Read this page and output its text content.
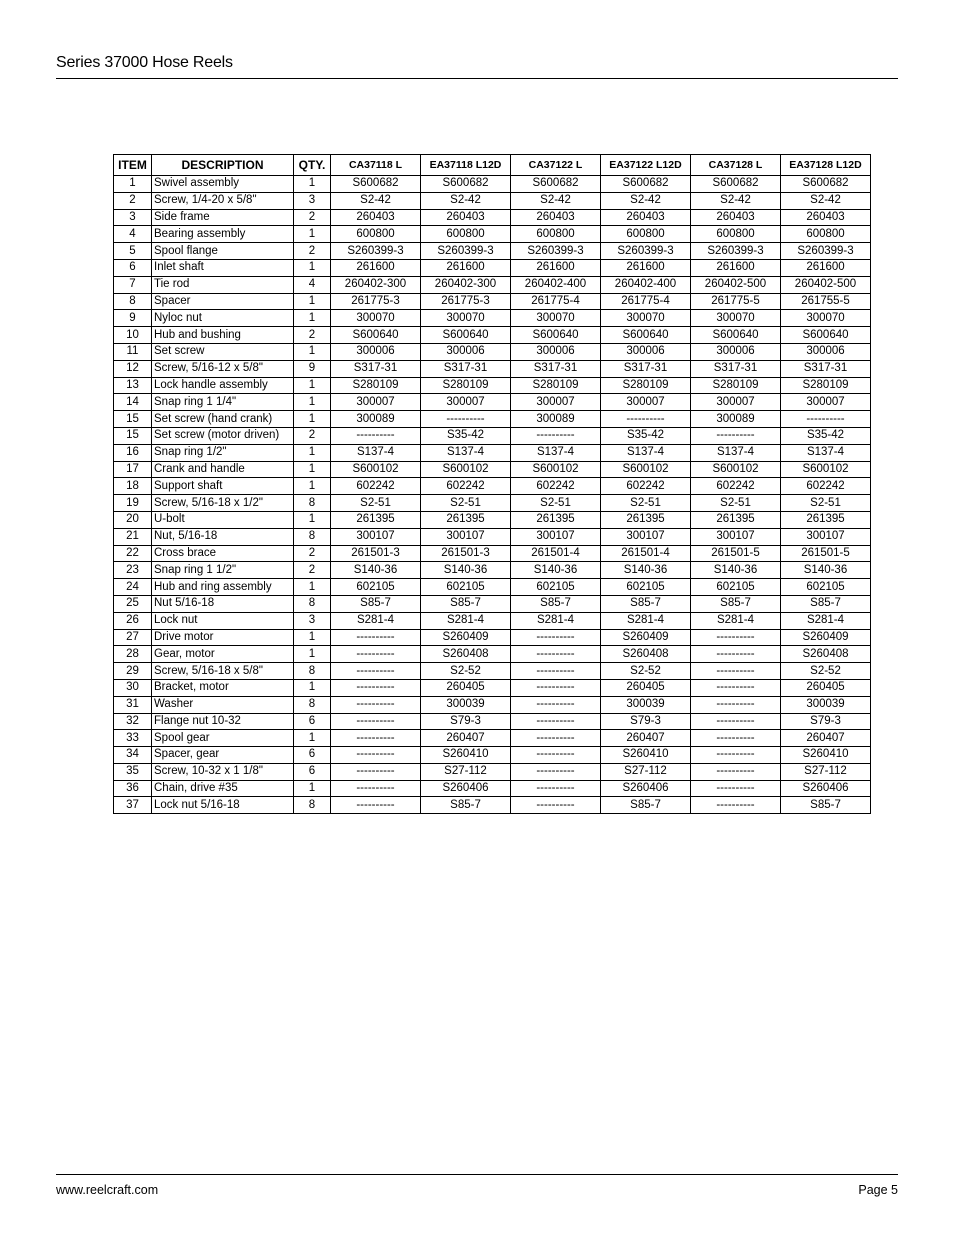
Series 37000 Hose Reels
ITEM	DESCRIPTION	QTY.	CA37118 L	EA37118 L12D	CA37122 L	EA37122 L12D	CA37128 L	EA37128 L12D
1	Swivel assembly	1	S600682	S600682	S600682	S600682	S600682	S600682
2	Screw, 1/4-20 x 5/8"	3	S2-42	S2-42	S2-42	S2-42	S2-42	S2-42
3	Side frame	2	260403	260403	260403	260403	260403	260403
4	Bearing assembly	1	600800	600800	600800	600800	600800	600800
5	Spool flange	2	S260399-3	S260399-3	S260399-3	S260399-3	S260399-3	S260399-3
6	Inlet shaft	1	261600	261600	261600	261600	261600	261600
7	Tie rod	4	260402-300	260402-300	260402-400	260402-400	260402-500	260402-500
8	Spacer	1	261775-3	261775-3	261775-4	261775-4	261775-5	261755-5
9	Nyloc nut	1	300070	300070	300070	300070	300070	300070
10	Hub and bushing	2	S600640	S600640	S600640	S600640	S600640	S600640
11	Set screw	1	300006	300006	300006	300006	300006	300006
12	Screw, 5/16-12 x 5/8"	9	S317-31	S317-31	S317-31	S317-31	S317-31	S317-31
13	Lock handle assembly	1	S280109	S280109	S280109	S280109	S280109	S280109
14	Snap ring 1 1/4"	1	300007	300007	300007	300007	300007	300007
15	Set screw (hand crank)	1	300089	----------	300089	----------	300089	----------
15	Set screw (motor driven)	2	----------	S35-42	----------	S35-42	----------	S35-42
16	Snap ring 1/2"	1	S137-4	S137-4	S137-4	S137-4	S137-4	S137-4
17	Crank and handle	1	S600102	S600102	S600102	S600102	S600102	S600102
18	Support shaft	1	602242	602242	602242	602242	602242	602242
19	Screw, 5/16-18 x 1/2"	8	S2-51	S2-51	S2-51	S2-51	S2-51	S2-51
20	U-bolt	1	261395	261395	261395	261395	261395	261395
21	Nut, 5/16-18	8	300107	300107	300107	300107	300107	300107
22	Cross brace	2	261501-3	261501-3	261501-4	261501-4	261501-5	261501-5
23	Snap ring 1 1/2"	2	S140-36	S140-36	S140-36	S140-36	S140-36	S140-36
24	Hub and ring assembly	1	602105	602105	602105	602105	602105	602105
25	Nut 5/16-18	8	S85-7	S85-7	S85-7	S85-7	S85-7	S85-7
26	Lock nut	3	S281-4	S281-4	S281-4	S281-4	S281-4	S281-4
27	Drive motor	1	----------	S260409	----------	S260409	----------	S260409
28	Gear, motor	1	----------	S260408	----------	S260408	----------	S260408
29	Screw, 5/16-18 x 5/8"	8	----------	S2-52	----------	S2-52	----------	S2-52
30	Bracket, motor	1	----------	260405	----------	260405	----------	260405
31	Washer	8	----------	300039	----------	300039	----------	300039
32	Flange nut 10-32	6	----------	S79-3	----------	S79-3	----------	S79-3
33	Spool gear	1	----------	260407	----------	260407	----------	260407
34	Spacer, gear	6	----------	S260410	----------	S260410	----------	S260410
35	Screw, 10-32 x 1 1/8"	6	----------	S27-112	----------	S27-112	----------	S27-112
36	Chain, drive #35	1	----------	S260406	----------	S260406	----------	S260406
37	Lock nut 5/16-18	8	----------	S85-7	----------	S85-7	----------	S85-7
www.reelcraft.com	Page 5
